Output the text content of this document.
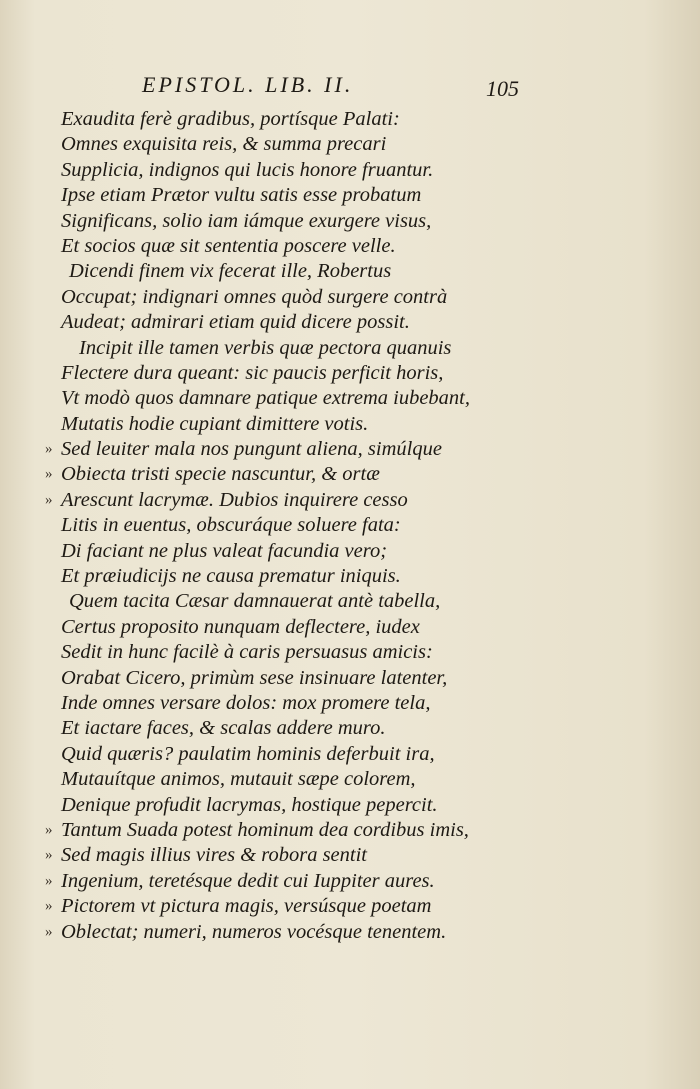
EPISTOL. LIB. II.	105
Exaudita ferè gradibus, portísque Palati:
Omnes exquisita reis, & summa precari
Supplicia, indignos qui lucis honore fruantur.
Ipse etiam Prætor vultu satis esse probatum
Significans, solio iam iámque exurgere visus,
Et socios quæ sit sententia poscere velle.
Dicendi finem vix fecerat ille, Robertus
Occupat; indignari omnes quòd surgere contrà
Audeat; admirari etiam quid dicere possit.
Incipit ille tamen verbis quæ pectora quanuis
Flectere dura queant: sic paucis perficit horis,
Vt modò quos damnare patique extrema iubebant,
Mutatis hodie cupiant dimittere votis.
» Sed leuiter mala nos pungunt aliena, simúlque
» Obiecta tristi specie nascuntur, & ortæ
» Arescunt lacrymæ. Dubios inquirere cesso
Litis in euentus, obscuráque soluere fata:
Di faciant ne plus valeat facundia vero;
Et præiudicijs ne causa prematur iniquis.
Quem tacita Cæsar damnauerat antè tabella,
Certus proposito nunquam deflectere, iudex
Sedit in hunc facilè à caris persuasus amicis:
Orabat Cicero, primùm sese insinuare latenter,
Inde omnes versare dolos: mox promere tela,
Et iactare faces, & scalas addere muro.
Quid quæris? paulatim hominis deferbuit ira,
Mutauítque animos, mutauit sæpe colorem,
Denique profudit lacrymas, hostique pepercit.
» Tantum Suada potest hominum dea cordibus imis,
» Sed magis illius vires & robora sentit
» Ingenium, teretésque dedit cui Iuppiter aures.
» Pictorem vt pictura magis, versúsque poetam
» Oblectat; numeri, numeros vocésque tenentem.
